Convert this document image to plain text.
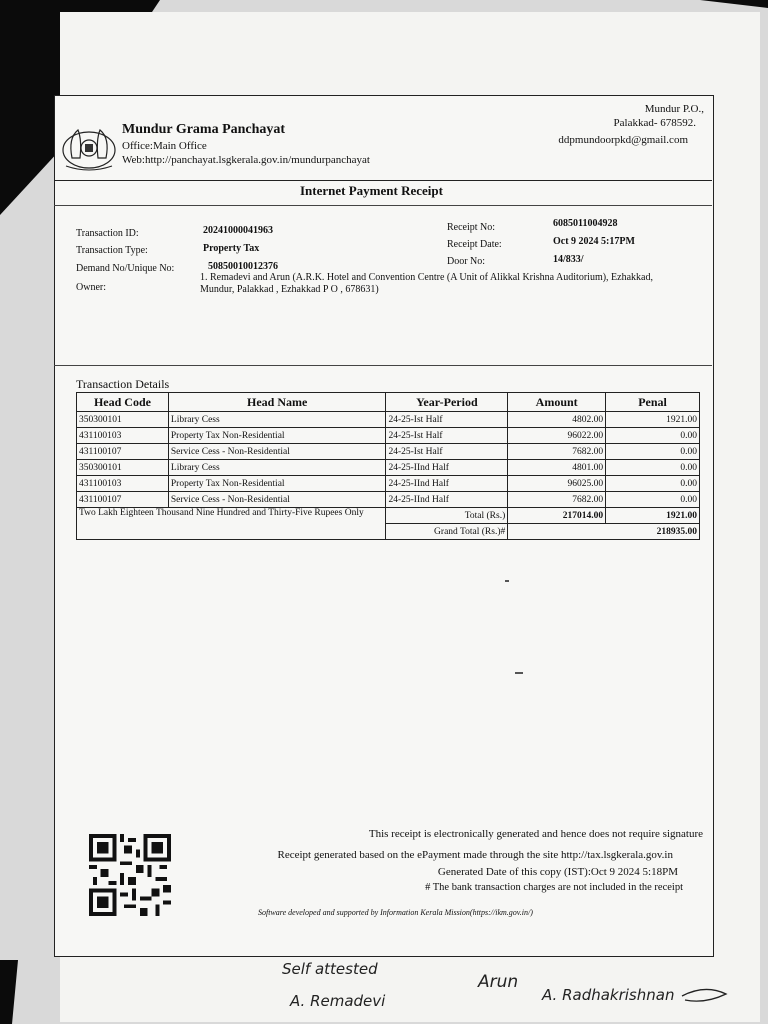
Mundur Grama Panchayat
Office:Main Office
Web:http://panchayat.lsgkerala.gov.in/mundurpanchayat
Mundur P.O.,
Palakkad- 678592.
ddpmundoorpkd@gmail.com
Internet Payment Receipt
Transaction ID:	20241000041963
Transaction Type:	Property Tax
Demand No/Unique No:	50850010012376
Owner:
1. Remadevi and Arun (A.R.K. Hotel and Convention Centre (A Unit of Alikkal Krishna Auditorium), Ezhakkad, Mundur, Palakkad , Ezhakkad P O , 678631)
Receipt No:	6085011004928
Receipt Date:	Oct 9 2024 5:17PM
Door No:	14/833/
Transaction Details
Head Code	Head Name	Year-Period	Amount	Penal
350300101	Library Cess	24-25-Ist Half	4802.00	1921.00
431100103	Property Tax Non-Residential	24-25-Ist Half	96022.00	0.00
431100107	Service Cess - Non-Residential	24-25-Ist Half	7682.00	0.00
350300101	Library Cess	24-25-IInd Half	4801.00	0.00
431100103	Property Tax Non-Residential	24-25-IInd Half	96025.00	0.00
431100107	Service Cess - Non-Residential	24-25-IInd Half	7682.00	0.00
Two Lakh Eighteen Thousand Nine Hundred and Thirty-Five Rupees Only		Total (Rs.)	217014.00	1921.00
		Grand Total (Rs.)#	218935.00	
This receipt is electronically generated and hence does not require signature
Receipt generated based on the ePayment made through the site http://tax.lsgkerala.gov.in
Generated Date of this copy (IST):Oct 9 2024 5:18PM
# The bank transaction charges are not included in the receipt
Software developed and supported by Information Kerala Mission(https://ikm.gov.in/)
Self attested
A. Remadevi
Arun
A. Radhakrishnan
